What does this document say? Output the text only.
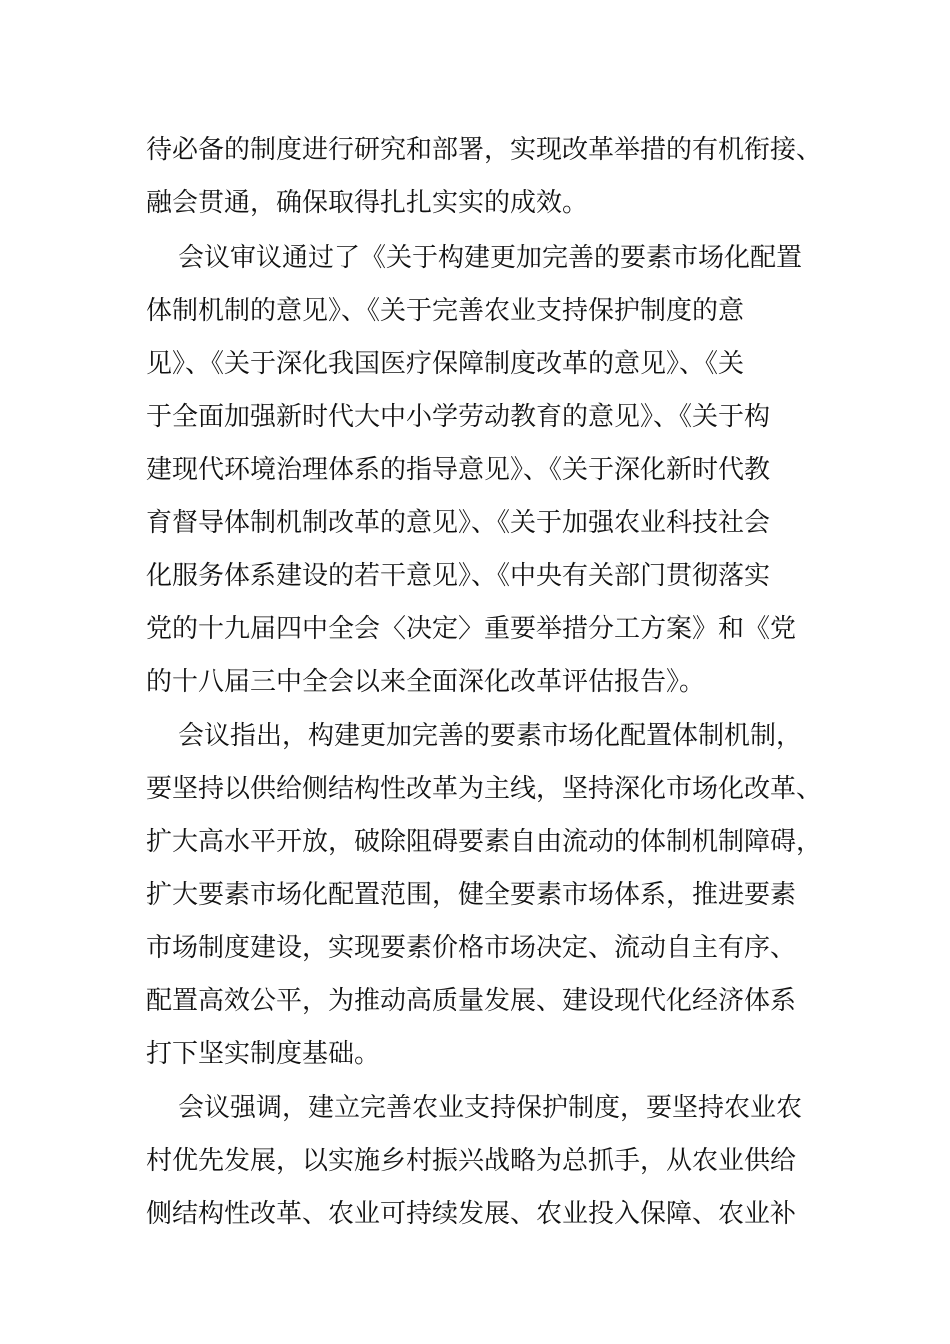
待必备的制度进行研究和部署，实现改革举措的有机衔接、
融会贯通，确保取得扎扎实实的成效。
会议审议通过了《关于构建更加完善的要素市场化配置
体制机制的意见》、《关于完善农业支持保护制度的意
见》、《关于深化我国医疗保障制度改革的意见》、《关
于全面加强新时代大中小学劳动教育的意见》、《关于构
建现代环境治理体系的指导意见》、《关于深化新时代教
育督导体制机制改革的意见》、《关于加强农业科技社会
化服务体系建设的若干意见》、《中央有关部门贯彻落实
党的十九届四中全会〈决定〉重要举措分工方案》和《党
的十八届三中全会以来全面深化改革评估报告》。
会议指出，构建更加完善的要素市场化配置体制机制，
要坚持以供给侧结构性改革为主线，坚持深化市场化改革、
扩大高水平开放，破除阻碍要素自由流动的体制机制障碍，
扩大要素市场化配置范围，健全要素市场体系，推进要素
市场制度建设，实现要素价格市场决定、流动自主有序、
配置高效公平，为推动高质量发展、建设现代化经济体系
打下坚实制度基础。
会议强调，建立完善农业支持保护制度，要坚持农业农
村优先发展，以实施乡村振兴战略为总抓手，从农业供给
侧结构性改革、农业可持续发展、农业投入保障、农业补
